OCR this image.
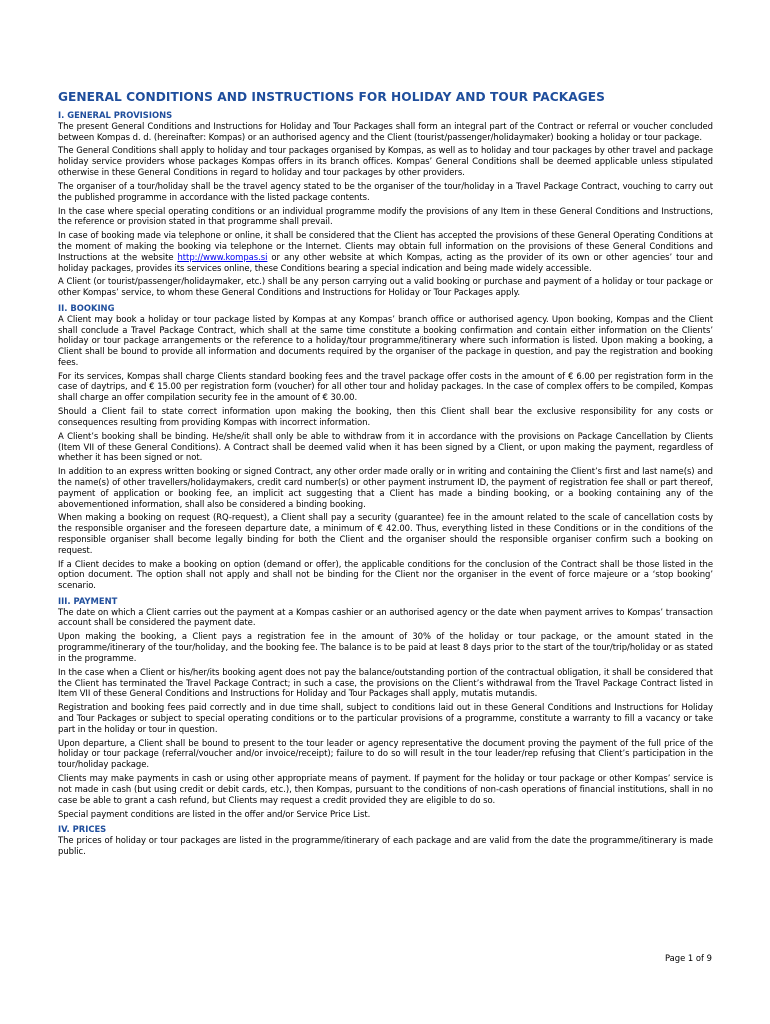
GENERAL CONDITIONS AND INSTRUCTIONS FOR HOLIDAY AND TOUR PACKAGES
I. GENERAL PROVISIONS

The present General Conditions and Instructions for Holiday and Tour Packages shall form an integral part of the Contract or referral or voucher concluded between Kompas d. d. (hereinafter: Kompas) or an authorised agency and the Client (tourist/passenger/holidaymaker) booking a holiday or tour package.

The General Conditions shall apply to holiday and tour packages organised by Kompas, as well as to holiday and tour packages by other travel and package holiday service providers whose packages Kompas offers in its branch offices. Kompas’ General Conditions shall be deemed applicable unless stipulated otherwise in these General Conditions in regard to holiday and tour packages by other providers.

The organiser of a tour/holiday shall be the travel agency stated to be the organiser of the tour/holiday in a Travel Package Contract, vouching to carry out the published programme in accordance with the listed package contents.

In the case where special operating conditions or an individual programme modify the provisions of any Item in these General Conditions and Instructions, the reference or provision stated in that programme shall prevail.

In case of booking made via telephone or online, it shall be considered that the Client has accepted the provisions of these General Operating Conditions at the moment of making the booking via telephone or the Internet. Clients may obtain full information on the provisions of these General Conditions and Instructions at the website http://www.kompas.si or any other website at which Kompas, acting as the provider of its own or other agencies’ tour and holiday packages, provides its services online, these Conditions bearing a special indication and being made widely accessible.

A Client (or tourist/passenger/holidaymaker, etc.) shall be any person carrying out a valid booking or purchase and payment of a holiday or tour package or other Kompas’ service, to whom these General Conditions and Instructions for Holiday or Tour Packages apply.

II. BOOKING

A Client may book a holiday or tour package listed by Kompas at any Kompas’ branch office or authorised agency. Upon booking, Kompas and the Client shall conclude a Travel Package Contract, which shall at the same time constitute a booking confirmation and contain either information on the Clients’ holiday or tour package arrangements or the reference to a holiday/tour programme/itinerary where such information is listed. Upon making a booking, a Client shall be bound to provide all information and documents required by the organiser of the package in question, and pay the registration and booking fees.

For its services, Kompas shall charge Clients standard booking fees and the travel package offer costs in the amount of € 6.00 per registration form in the case of daytrips, and € 15.00 per registration form (voucher) for all other tour and holiday packages. In the case of complex offers to be compiled, Kompas shall charge an offer compilation security fee in the amount of € 30.00.

Should a Client fail to state correct information upon making the booking, then this Client shall bear the exclusive responsibility for any costs or consequences resulting from providing Kompas with incorrect information.

A Client’s booking shall be binding. He/she/it shall only be able to withdraw from it in accordance with the provisions on Package Cancellation by Clients (Item VII of these General Conditions). A Contract shall be deemed valid when it has been signed by a Client, or upon making the payment, regardless of whether it has been signed or not.

In addition to an express written booking or signed Contract, any other order made orally or in writing and containing the Client’s first and last name(s) and the name(s) of other travellers/holidaymakers, credit card number(s) or other payment instrument ID, the payment of registration fee shall or part thereof, payment of application or booking fee, an implicit act suggesting that a Client has made a binding booking, or a booking containing any of the abovementioned information, shall also be considered a binding booking.

When making a booking on request (RQ-request), a Client shall pay a security (guarantee) fee in the amount related to the scale of cancellation costs by the responsible organiser and the foreseen departure date, a minimum of € 42.00. Thus, everything listed in these Conditions or in the conditions of the responsible organiser shall become legally binding for both the Client and the organiser should the responsible organiser confirm such a booking on request.

If a Client decides to make a booking on option (demand or offer), the applicable conditions for the conclusion of the Contract shall be those listed in the option document. The option shall not apply and shall not be binding for the Client nor the organiser in the event of force majeure or a ‘stop booking’ scenario.

III. PAYMENT

The date on which a Client carries out the payment at a Kompas cashier or an authorised agency or the date when payment arrives to Kompas’ transaction account shall be considered the payment date.

Upon making the booking, a Client pays a registration fee in the amount of 30% of the holiday or tour package, or the amount stated in the programme/itinerary of the tour/holiday, and the booking fee. The balance is to be paid at least 8 days prior to the start of the tour/trip/holiday or as stated in the programme.

In the case when a Client or his/her/its booking agent does not pay the balance/outstanding portion of the contractual obligation, it shall be considered that the Client has terminated the Travel Package Contract; in such a case, the provisions on the Client’s withdrawal from the Travel Package Contract listed in Item VII of these General Conditions and Instructions for Holiday and Tour Packages shall apply, mutatis mutandis.

Registration and booking fees paid correctly and in due time shall, subject to conditions laid out in these General Conditions and Instructions for Holiday and Tour Packages or subject to special operating conditions or to the particular provisions of a programme, constitute a warranty to fill a vacancy or take part in the holiday or tour in question.

Upon departure, a Client shall be bound to present to the tour leader or agency representative the document proving the payment of the full price of the holiday or tour package (referral/voucher and/or invoice/receipt); failure to do so will result in the tour leader/rep refusing that Client’s participation in the tour/holiday package.

Clients may make payments in cash or using other appropriate means of payment. If payment for the holiday or tour package or other Kompas’ service is not made in cash (but using credit or debit cards, etc.), then Kompas, pursuant to the conditions of non-cash operations of financial institutions, shall in no case be able to grant a cash refund, but Clients may request a credit provided they are eligible to do so.

Special payment conditions are listed in the offer and/or Service Price List.

IV. PRICES

The prices of holiday or tour packages are listed in the programme/itinerary of each package and are valid from the date the programme/itinerary is made public.

Page 1 of 9
